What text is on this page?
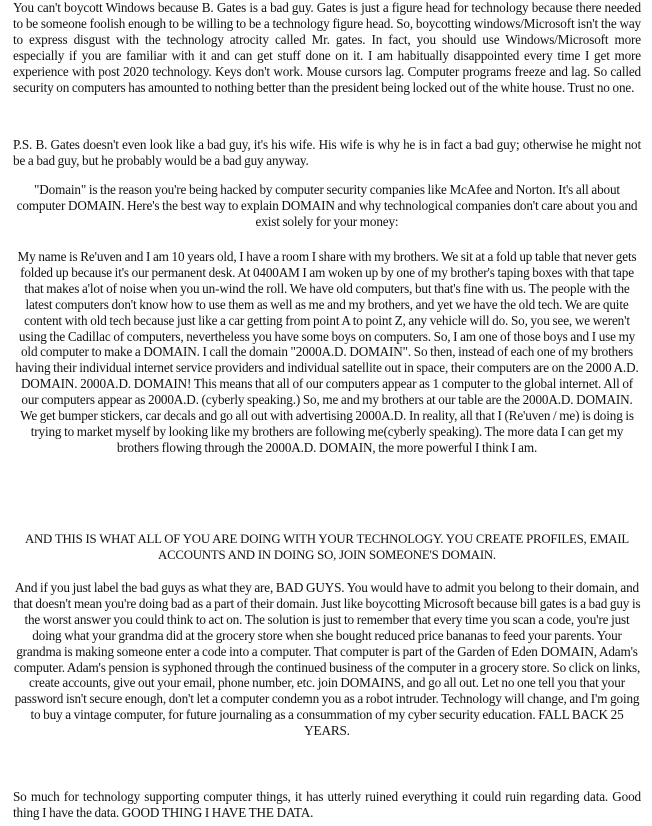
You can't boycott Windows because B. Gates is a bad guy. Gates is just a figure head for technology because there needed to be someone foolish enough to be willing to be a technology figure head. So, boycotting windows/Microsoft isn't the way to express disgust with the technology atrocity called Mr. gates. In fact, you should use Windows/Microsoft more especially if you are familiar with it and can get stuff done on it. I am habitually disappointed every time I get more experience with post 2020 technology. Keys don't work. Mouse cursors lag. Computer programs freeze and lag. So called security on computers has amounted to nothing better than the president being locked out of the white house. Trust no one.

P.S. B. Gates doesn't even look like a bad guy, it's his wife. His wife is why he is in fact a bad guy; otherwise he might not be a bad guy, but he probably would be a bad guy anyway.

"Domain" is the reason you're being hacked by computer security companies like McAfee and Norton. It's all about computer DOMAIN. Here's the best way to explain DOMAIN and why technological companies don't care about you and exist solely for your money:

My name is Re'uven and I am 10 years old, I have a room I share with my brothers. We sit at a fold up table that never gets folded up because it's our permanent desk. At 0400AM I am woken up by one of my brother's taping boxes with that tape that makes a'lot of noise when you un-wind the roll. We have old computers, but that's fine with us. The people with the latest computers don't know how to use them as well as me and my brothers, and yet we have the old tech. We are quite content with old tech because just like a car getting from point A to point Z, any vehicle will do. So, you see, we weren't using the Cadillac of computers, nevertheless you have some boys on computers. So, I am one of those boys and I use my old computer to make a DOMAIN. I call the domain "2000A.D. DOMAIN". So then, instead of each one of my brothers having their individual internet service providers and individual satellite out in space, their computers are on the 2000 A.D. DOMAIN. 2000A.D. DOMAIN! This means that all of our computers appear as 1 computer to the global internet. All of our computers appear as 2000A.D. (cyberly speaking.) So, me and my brothers at our table are the 2000A.D. DOMAIN. We get bumper stickers, car decals and go all out with advertising 2000A.D. In reality, all that I (Re'uven / me) is doing is trying to market myself by looking like my brothers are following me(cyberly speaking). The more data I can get my brothers flowing through the 2000A.D. DOMAIN, the more powerful I think I am.

AND THIS IS WHAT ALL OF YOU ARE DOING WITH YOUR TECHNOLOGY. YOU CREATE PROFILES, EMAIL ACCOUNTS AND IN DOING SO, JOIN SOMEONE'S DOMAIN.

And if you just label the bad guys as what they are, BAD GUYS. You would have to admit you belong to their domain, and that doesn't mean you're doing bad as a part of their domain. Just like boycotting Microsoft because bill gates is a bad guy is the worst answer you could think to act on. The solution is just to remember that every time you scan a code, you're just doing what your grandma did at the grocery store when she bought reduced price bananas to feed your parents. Your grandma is making someone enter a code into a computer. That computer is part of the Garden of Eden DOMAIN, Adam's computer. Adam's pension is syphoned through the continued business of the computer in a grocery store. So click on links, create accounts, give out your email, phone number, etc. join DOMAINS, and go all out. Let no one tell you that your password isn't secure enough, don't let a computer condemn you as a robot intruder. Technology will change, and I'm going to buy a vintage computer, for future journaling as a consummation of my cyber security education. FALL BACK 25 YEARS.

So much for technology supporting computer things, it has utterly ruined everything it could ruin regarding data. Good thing I have the data. GOOD THING I HAVE THE DATA.
